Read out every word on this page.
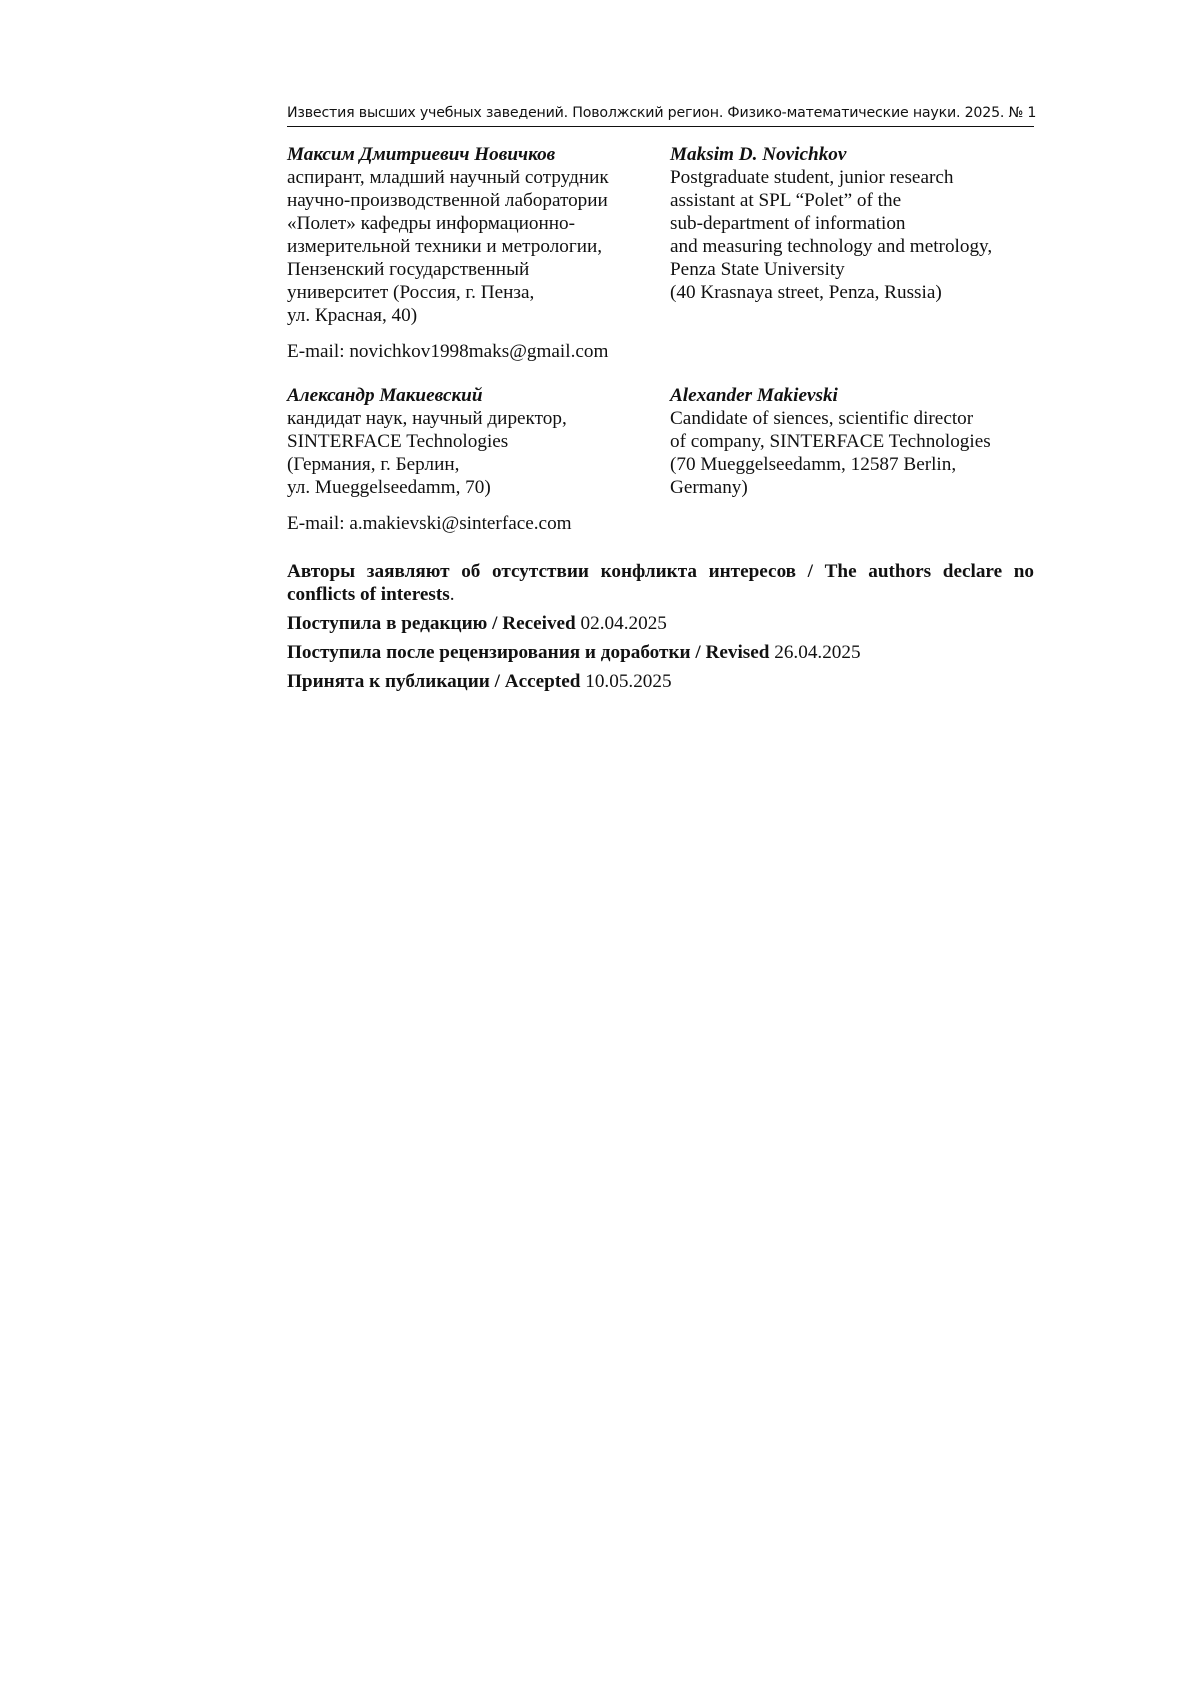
Известия высших учебных заведений. Поволжский регион. Физико-математические науки. 2025. № 1
Максим Дмитриевич Новичков
аспирант, младший научный сотрудник
научно-производственной лаборатории
«Полет» кафедры информационно-
измерительной техники и метрологии,
Пензенский государственный
университет (Россия, г. Пенза,
ул. Красная, 40)
Maksim D. Novichkov
Postgraduate student, junior research
assistant at SPL “Polet” of the
sub-department of information
and measuring technology and metrology,
Penza State University
(40 Krasnaya street, Penza, Russia)
E-mail: novichkov1998maks@gmail.com
Александр Макиевский
кандидат наук, научный директор,
SINTERFACE Technologies
(Германия, г. Берлин,
ул. Mueggelseedamm, 70)
Alexander Makievski
Candidate of siences, scientific director
of company, SINTERFACE Technologies
(70 Mueggelseedamm, 12587 Berlin,
Germany)
E-mail: a.makievski@sinterface.com

Авторы заявляют об отсутствии конфликта интересов / The authors declare no conflicts of interests.

Поступила в редакцию / Received 02.04.2025

Поступила после рецензирования и доработки / Revised 26.04.2025

Принята к публикации / Accepted 10.05.2025
